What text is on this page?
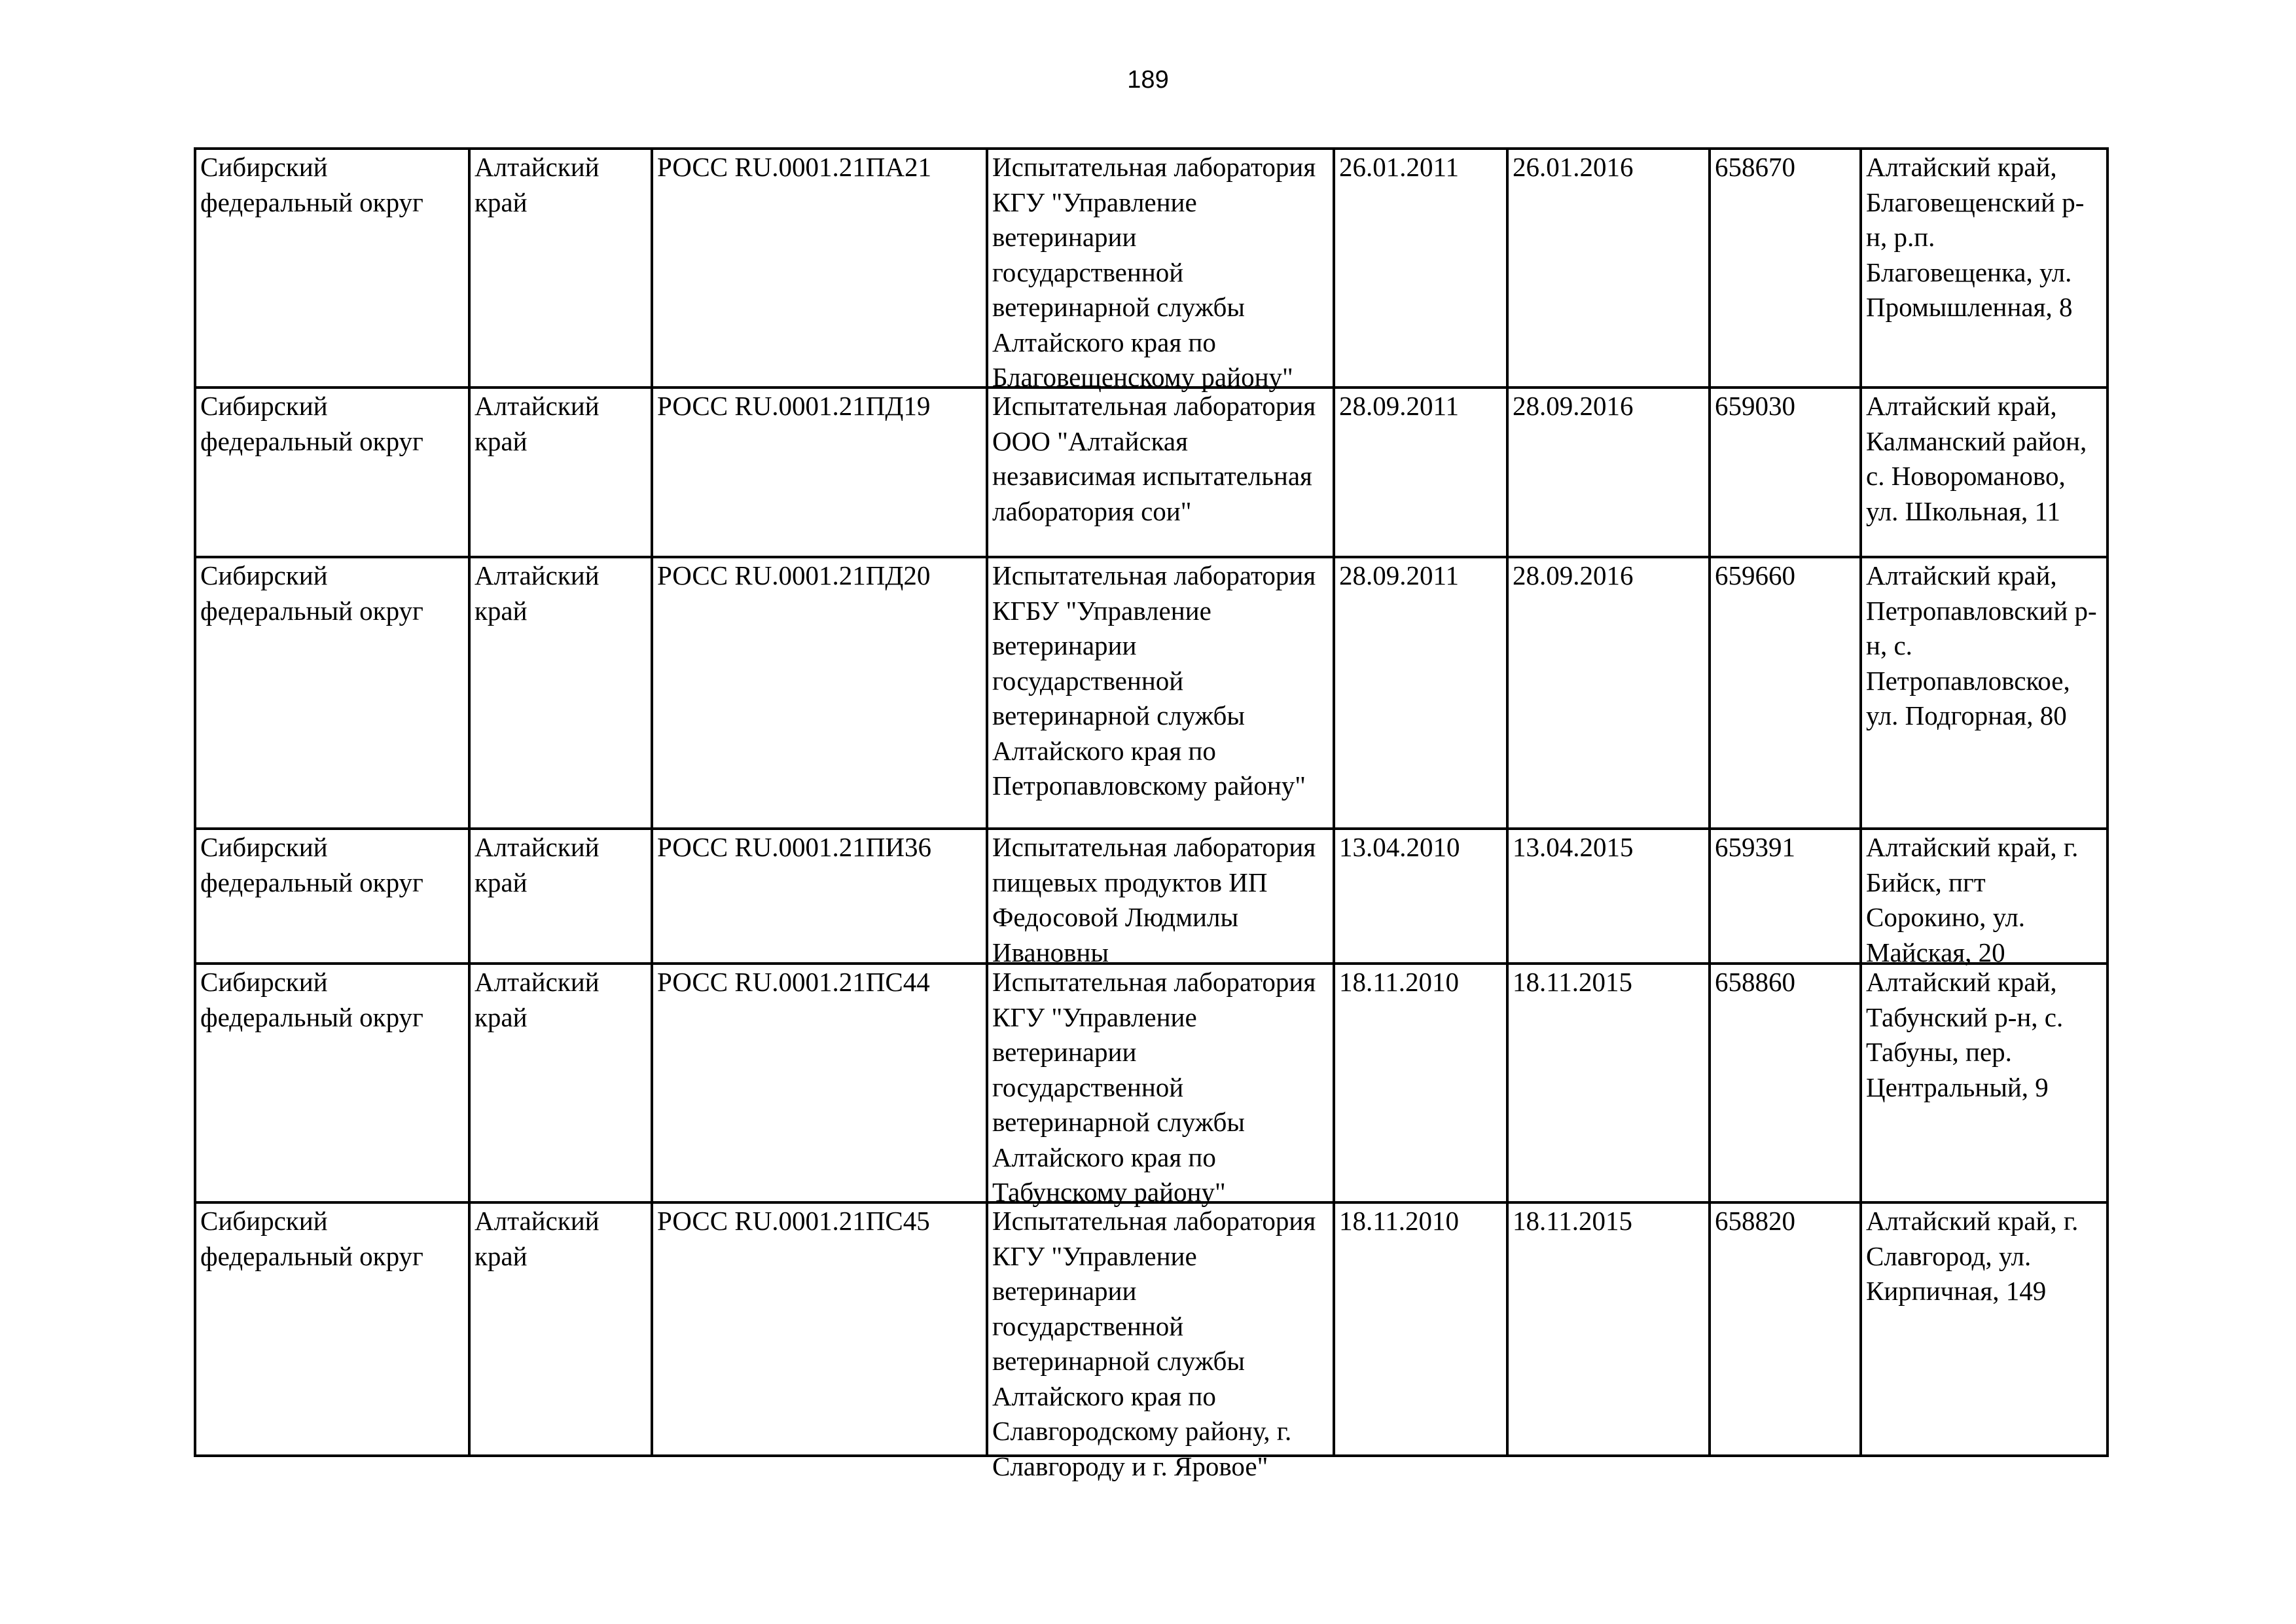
189
Сибирский федеральный округ	Алтайский край	РОСС RU.0001.21ПА21	Испытательная лаборатория КГУ "Управление ветеринарии государственной ветеринарной службы Алтайского края по Благовещенскому району"	26.01.2011	26.01.2016	658670	Алтайский край, Благовещенский р-н, р.п. Благовещенка, ул. Промышленная, 8

Сибирский федеральный округ	Алтайский край	РОСС RU.0001.21ПД19	Испытательная лаборатория ООО "Алтайская независимая испытательная лаборатория сои"	28.09.2011	28.09.2016	659030	Алтайский край, Калманский район, с. Новороманово, ул. Школьная, 11

Сибирский федеральный округ	Алтайский край	РОСС RU.0001.21ПД20	Испытательная лаборатория КГБУ "Управление ветеринарии государственной ветеринарной службы Алтайского края по Петропавловскому району"	28.09.2011	28.09.2016	659660	Алтайский край, Петропавловский р-н, с. Петропавловское, ул. Подгорная, 80

Сибирский федеральный округ	Алтайский край	РОСС RU.0001.21ПИ36	Испытательная лаборатория пищевых продуктов ИП Федосовой Людмилы Ивановны	13.04.2010	13.04.2015	659391	Алтайский край, г. Бийск, пгт Сорокино, ул. Майская, 20

Сибирский федеральный округ	Алтайский край	РОСС RU.0001.21ПС44	Испытательная лаборатория КГУ "Управление ветеринарии государственной ветеринарной службы Алтайского края по Табунскому району"	18.11.2010	18.11.2015	658860	Алтайский край, Табунский р-н, с. Табуны, пер. Центральный, 9

Сибирский федеральный округ	Алтайский край	РОСС RU.0001.21ПС45	Испытательная лаборатория КГУ "Управление ветеринарии государственной ветеринарной службы Алтайского края по Славгородскому району, г. Славгороду и г. Яровое"	18.11.2010	18.11.2015	658820	Алтайский край, г. Славгород, ул. Кирпичная, 149
